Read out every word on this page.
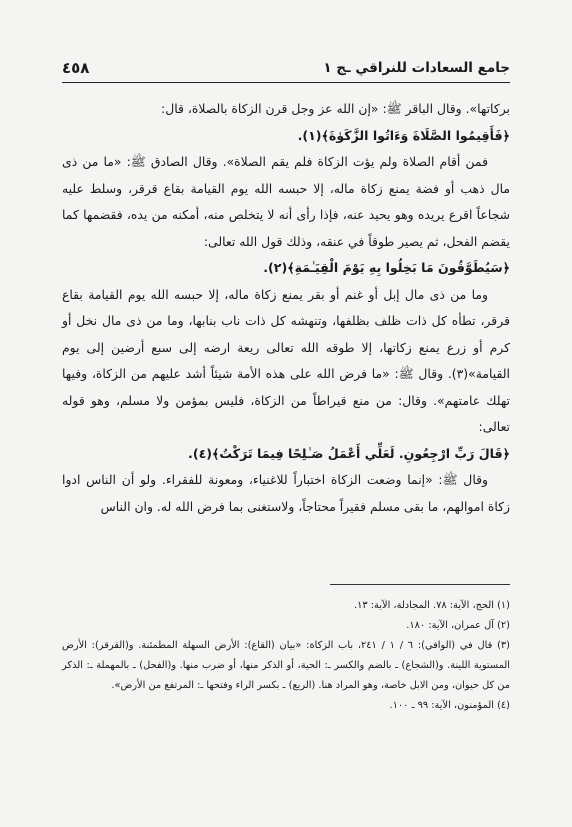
جامع السعادات للنراقي ـج ١
٤٥٨

بركاتها». وقال الباقر ﷺ: «إن الله عز وجل قرن الزكاة بالصلاة، قال:

﴿فَأَقِيمُوا الصَّلَاةَ وَءَاتُوا الزَّكَوٰةَ﴾(١).

فمن أقام الصلاة ولم يؤت الزكاة فلم يقم الصلاة». وقال الصادق ﷺ: «ما من ذى مال ذهب أو فضة يمنع زكاة ماله، إلا حبسه الله يوم القيامة بقاع قرقر، وسلط عليه شجاعاً اقرع يريده وهو يحيد عنه، فإذا رأى أنه لا يتخلص منه، أمكنه من يده، فقضمها كما يقضم الفحل، ثم يصير طوقاً في عنقه، وذلك قول الله تعالى:

﴿سَيُطَوَّقُونَ مَا بَخِلُوا بِهِ يَوْمَ الْقِيَـٰمَةِ﴾(٢).

وما من ذى مال إبل أو غنم أو بقر يمنع زكاة ماله، إلا حبسه الله يوم القيامة بقاع قرقر، تطأه كل ذات ظلف بظلفها، وتنهشه كل ذات ناب بنابها، وما من ذى مال نخل أو كرم أو زرع يمنع زكاتها، إلا طوقه الله تعالى ريعة ارضه إلى سبع أرضين إلى يوم القيامة»(٣). وقال ﷺ: «ما فرض الله على هذه الأمة شيئاً أشد عليهم من الزكاة، وفيها تهلك عامتهم». وقال: من منع قيراطاً من الزكاة، فليس بمؤمن ولا مسلم، وهو قوله تعالى:

﴿قَالَ رَبِّ ارْجِعُونِ. لَعَلِّي أَعْمَلُ صَـٰلِحًا فِيمَا تَرَكْتُ﴾(٤).

وقال ﷺ: «إنما وضعت الزكاة اختباراً للاغنياء، ومعونة للفقراء. ولو أن الناس ادوا زكاة اموالهم، ما بقى مسلم فقيراً محتاجاً، ولاستغنى بما فرض الله له. وان الناس

(١) الحج، الآية: ٧٨. المجادلة، الآية: ١٣.

(٢) آل عمران، الآية: ١٨٠.

(٣) قال في (الوافي): ٦ / ١ / ٢٤١، باب الزكاة: «بيان (القاع): الأرض السهلة المطمئنة. و(القرقر): الأرض المستوية اللينة. و(الشجاع) ـ بالضم والكسر ـ: الحية، أو الذكر منها، أو ضرب منها. و(الفحل) ـ بالمهملة ـ: الذكر من كل حيوان، ومن الابل خاصة، وهو المراد هنا. (الريع) ـ بكسر الراء وفتحها ـ: المرتفع من الأرض».

(٤) المؤمنون، الآية: ٩٩ ـ ١٠٠.
